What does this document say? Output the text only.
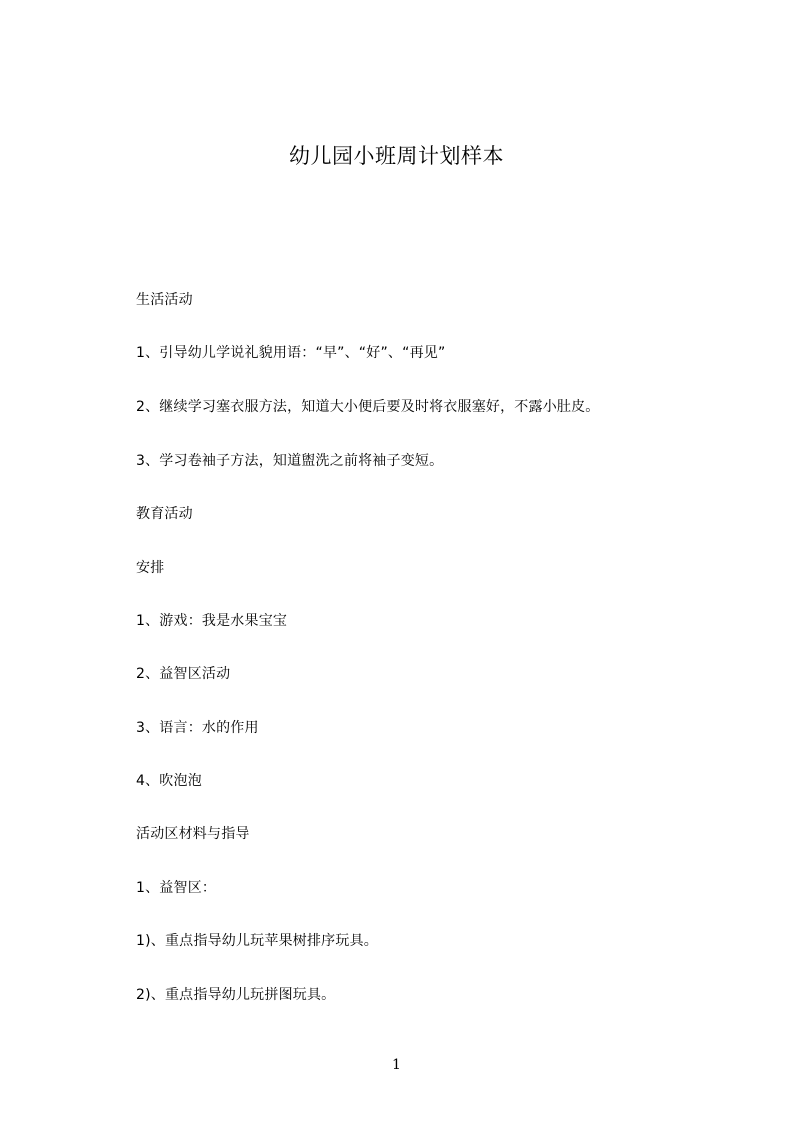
幼儿园小班周计划样本
生活活动
1、引导幼儿学说礼貌用语：“早”、“好”、“再见”
2、继续学习塞衣服方法，知道大小便后要及时将衣服塞好，不露小肚皮。
3、学习卷袖子方法，知道盥洗之前将袖子变短。
教育活动
安排
1、游戏：我是水果宝宝
2、益智区活动
3、语言：水的作用
4、吹泡泡
活动区材料与指导
1、益智区：
1)、重点指导幼儿玩苹果树排序玩具。
2)、重点指导幼儿玩拼图玩具。
1
